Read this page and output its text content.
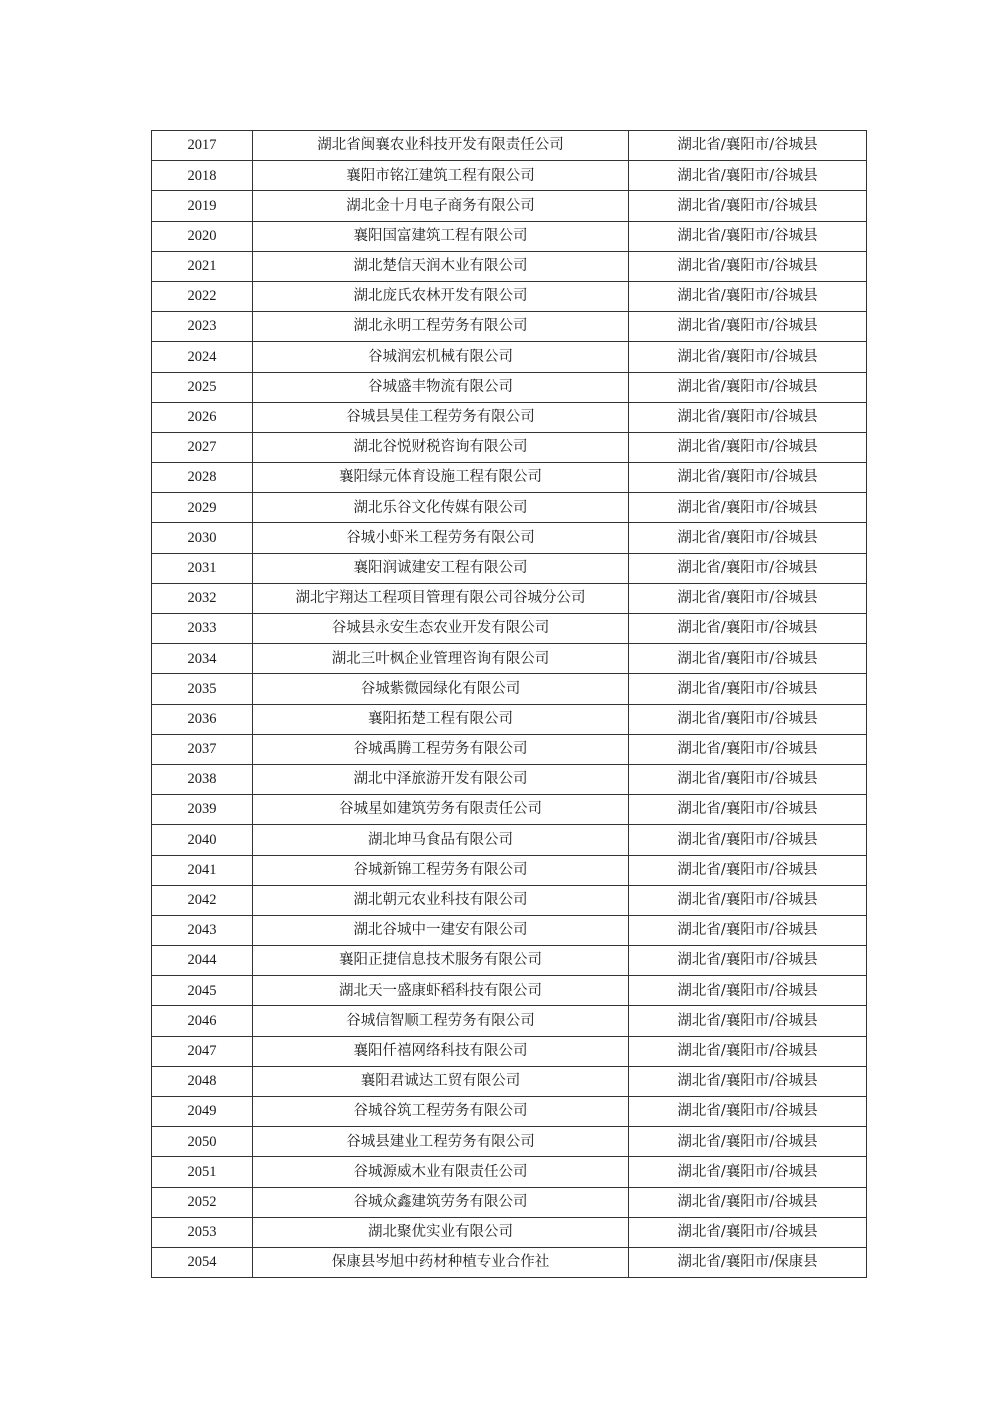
2017	湖北省闽襄农业科技开发有限责任公司	湖北省/襄阳市/谷城县
2018	襄阳市铭江建筑工程有限公司	湖北省/襄阳市/谷城县
2019	湖北金十月电子商务有限公司	湖北省/襄阳市/谷城县
2020	襄阳国富建筑工程有限公司	湖北省/襄阳市/谷城县
2021	湖北楚信天润木业有限公司	湖北省/襄阳市/谷城县
2022	湖北庞氏农林开发有限公司	湖北省/襄阳市/谷城县
2023	湖北永明工程劳务有限公司	湖北省/襄阳市/谷城县
2024	谷城润宏机械有限公司	湖北省/襄阳市/谷城县
2025	谷城盛丰物流有限公司	湖北省/襄阳市/谷城县
2026	谷城县昊佳工程劳务有限公司	湖北省/襄阳市/谷城县
2027	湖北谷悦财税咨询有限公司	湖北省/襄阳市/谷城县
2028	襄阳绿元体育设施工程有限公司	湖北省/襄阳市/谷城县
2029	湖北乐谷文化传媒有限公司	湖北省/襄阳市/谷城县
2030	谷城小虾米工程劳务有限公司	湖北省/襄阳市/谷城县
2031	襄阳润诚建安工程有限公司	湖北省/襄阳市/谷城县
2032	湖北宇翔达工程项目管理有限公司谷城分公司	湖北省/襄阳市/谷城县
2033	谷城县永安生态农业开发有限公司	湖北省/襄阳市/谷城县
2034	湖北三叶枫企业管理咨询有限公司	湖北省/襄阳市/谷城县
2035	谷城紫微园绿化有限公司	湖北省/襄阳市/谷城县
2036	襄阳拓楚工程有限公司	湖北省/襄阳市/谷城县
2037	谷城禹腾工程劳务有限公司	湖北省/襄阳市/谷城县
2038	湖北中泽旅游开发有限公司	湖北省/襄阳市/谷城县
2039	谷城星如建筑劳务有限责任公司	湖北省/襄阳市/谷城县
2040	湖北坤马食品有限公司	湖北省/襄阳市/谷城县
2041	谷城新锦工程劳务有限公司	湖北省/襄阳市/谷城县
2042	湖北朝元农业科技有限公司	湖北省/襄阳市/谷城县
2043	湖北谷城中一建安有限公司	湖北省/襄阳市/谷城县
2044	襄阳正捷信息技术服务有限公司	湖北省/襄阳市/谷城县
2045	湖北天一盛康虾稻科技有限公司	湖北省/襄阳市/谷城县
2046	谷城信智顺工程劳务有限公司	湖北省/襄阳市/谷城县
2047	襄阳仟禧网络科技有限公司	湖北省/襄阳市/谷城县
2048	襄阳君诚达工贸有限公司	湖北省/襄阳市/谷城县
2049	谷城谷筑工程劳务有限公司	湖北省/襄阳市/谷城县
2050	谷城县建业工程劳务有限公司	湖北省/襄阳市/谷城县
2051	谷城源威木业有限责任公司	湖北省/襄阳市/谷城县
2052	谷城众鑫建筑劳务有限公司	湖北省/襄阳市/谷城县
2053	湖北聚优实业有限公司	湖北省/襄阳市/谷城县
2054	保康县岑旭中药材种植专业合作社	湖北省/襄阳市/保康县
